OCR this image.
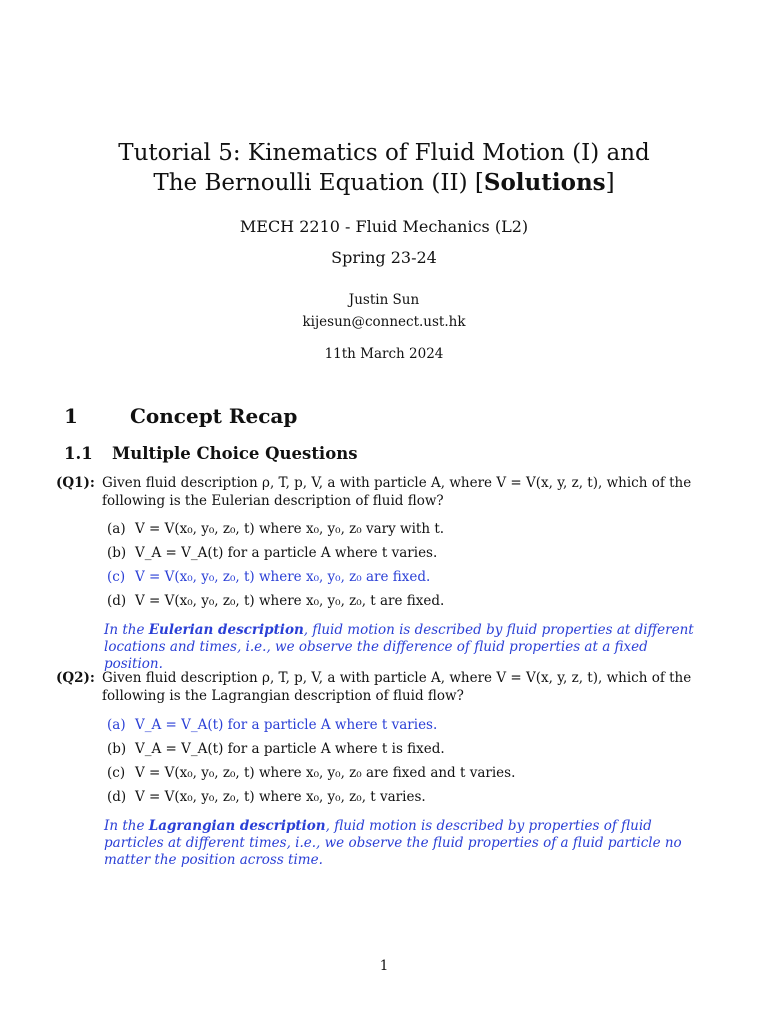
Tutorial 5: Kinematics of Fluid Motion (I) and
The Bernoulli Equation (II) [Solutions]
MECH 2210 - Fluid Mechanics (L2)
Spring 23-24
Justin Sun
kijesun@connect.ust.hk
11th March 2024
1	Concept Recap
1.1 Multiple Choice Questions
(Q1): Given fluid description ρ, T, p, V, a with particle A, where V = V(x, y, z, t), which of the following is the Eulerian description of fluid flow?
(a) V = V(x₀, y₀, z₀, t) where x₀, y₀, z₀ vary with t.
(b) V_A = V_A(t) for a particle A where t varies.
(c) V = V(x₀, y₀, z₀, t) where x₀, y₀, z₀ are fixed.
(d) V = V(x₀, y₀, z₀, t) where x₀, y₀, z₀, t are fixed.
In the Eulerian description, fluid motion is described by fluid properties at different locations and times, i.e., we observe the difference of fluid properties at a fixed position.
(Q2): Given fluid description ρ, T, p, V, a with particle A, where V = V(x, y, z, t), which of the following is the Lagrangian description of fluid flow?
(a) V_A = V_A(t) for a particle A where t varies.
(b) V_A = V_A(t) for a particle A where t is fixed.
(c) V = V(x₀, y₀, z₀, t) where x₀, y₀, z₀ are fixed and t varies.
(d) V = V(x₀, y₀, z₀, t) where x₀, y₀, z₀, t varies.
In the Lagrangian description, fluid motion is described by properties of fluid particles at different times, i.e., we observe the fluid properties of a fluid particle no matter the position across time.
1
